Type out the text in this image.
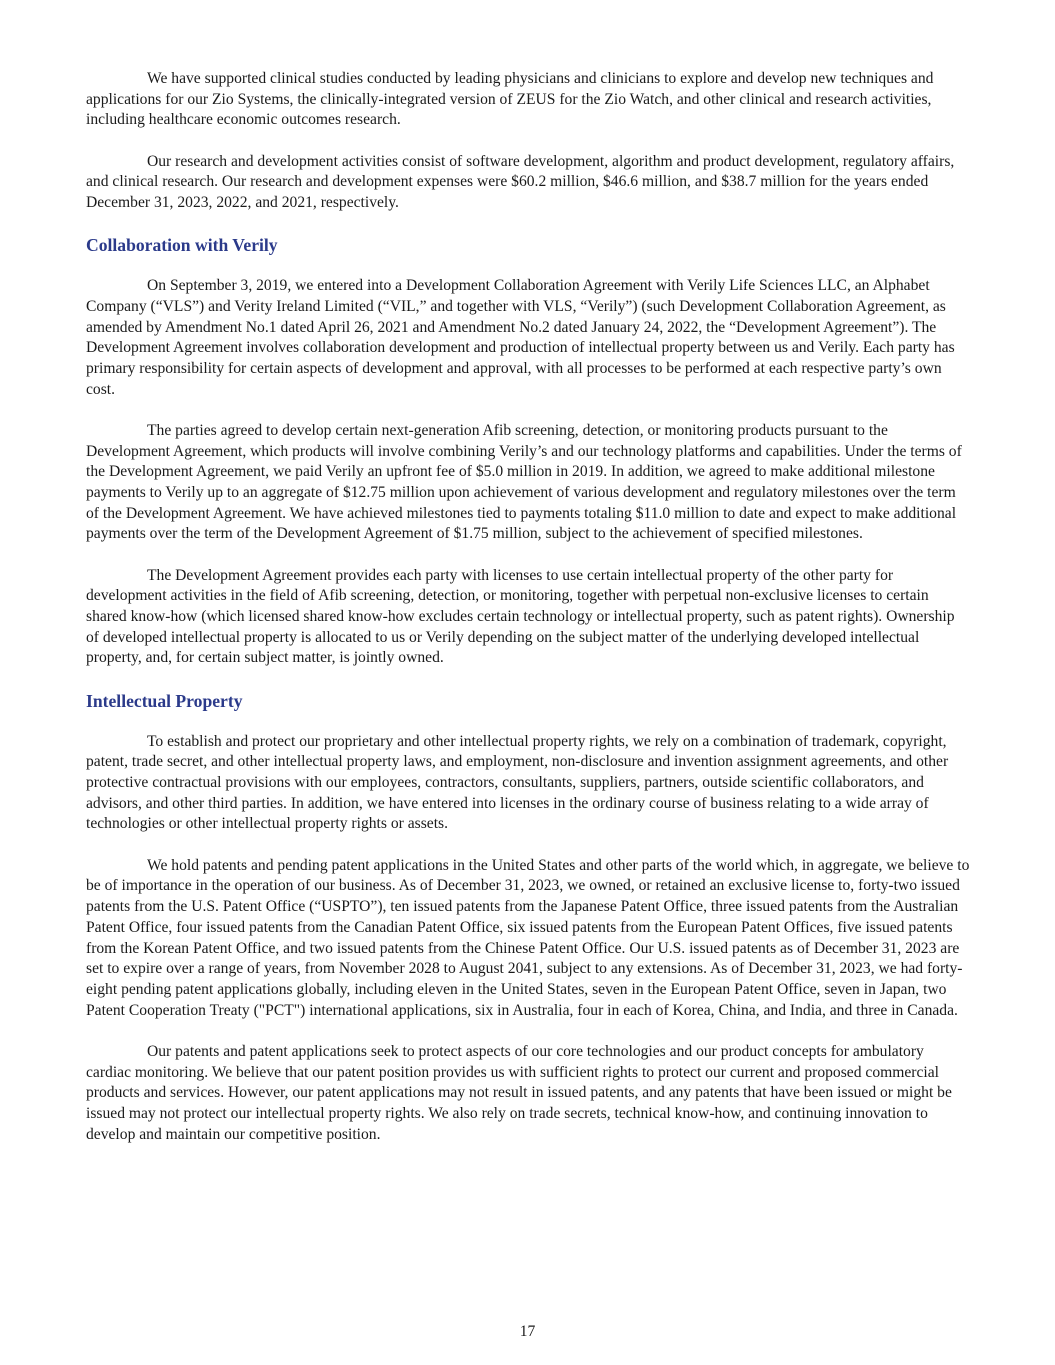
We have supported clinical studies conducted by leading physicians and clinicians to explore and develop new techniques and applications for our Zio Systems, the clinically-integrated version of ZEUS for the Zio Watch, and other clinical and research activities, including healthcare economic outcomes research.

Our research and development activities consist of software development, algorithm and product development, regulatory affairs, and clinical research. Our research and development expenses were $60.2 million, $46.6 million, and $38.7 million for the years ended December 31, 2023, 2022, and 2021, respectively.

Collaboration with Verily

On September 3, 2019, we entered into a Development Collaboration Agreement with Verily Life Sciences LLC, an Alphabet Company (“VLS”) and Verity Ireland Limited (“VIL,” and together with VLS, “Verily”) (such Development Collaboration Agreement, as amended by Amendment No.1 dated April 26, 2021 and Amendment No.2 dated January 24, 2022, the “Development Agreement”). The Development Agreement involves collaboration development and production of intellectual property between us and Verily. Each party has primary responsibility for certain aspects of development and approval, with all processes to be performed at each respective party’s own cost.

The parties agreed to develop certain next-generation Afib screening, detection, or monitoring products pursuant to the Development Agreement, which products will involve combining Verily’s and our technology platforms and capabilities. Under the terms of the Development Agreement, we paid Verily an upfront fee of $5.0 million in 2019. In addition, we agreed to make additional milestone payments to Verily up to an aggregate of $12.75 million upon achievement of various development and regulatory milestones over the term of the Development Agreement. We have achieved milestones tied to payments totaling $11.0 million to date and expect to make additional payments over the term of the Development Agreement of $1.75 million, subject to the achievement of specified milestones.

The Development Agreement provides each party with licenses to use certain intellectual property of the other party for development activities in the field of Afib screening, detection, or monitoring, together with perpetual non-exclusive licenses to certain shared know-how (which licensed shared know-how excludes certain technology or intellectual property, such as patent rights). Ownership of developed intellectual property is allocated to us or Verily depending on the subject matter of the underlying developed intellectual property, and, for certain subject matter, is jointly owned.

Intellectual Property

To establish and protect our proprietary and other intellectual property rights, we rely on a combination of trademark, copyright, patent, trade secret, and other intellectual property laws, and employment, non-disclosure and invention assignment agreements, and other protective contractual provisions with our employees, contractors, consultants, suppliers, partners, outside scientific collaborators, and advisors, and other third parties. In addition, we have entered into licenses in the ordinary course of business relating to a wide array of technologies or other intellectual property rights or assets.

We hold patents and pending patent applications in the United States and other parts of the world which, in aggregate, we believe to be of importance in the operation of our business. As of December 31, 2023, we owned, or retained an exclusive license to, forty-two issued patents from the U.S. Patent Office (“USPTO”), ten issued patents from the Japanese Patent Office, three issued patents from the Australian Patent Office, four issued patents from the Canadian Patent Office, six issued patents from the European Patent Offices, five issued patents from the Korean Patent Office, and two issued patents from the Chinese Patent Office. Our U.S. issued patents as of December 31, 2023 are set to expire over a range of years, from November 2028 to August 2041, subject to any extensions. As of December 31, 2023, we had forty-eight pending patent applications globally, including eleven in the United States, seven in the European Patent Office, seven in Japan, two Patent Cooperation Treaty ("PCT") international applications, six in Australia, four in each of Korea, China, and India, and three in Canada.

Our patents and patent applications seek to protect aspects of our core technologies and our product concepts for ambulatory cardiac monitoring. We believe that our patent position provides us with sufficient rights to protect our current and proposed commercial products and services. However, our patent applications may not result in issued patents, and any patents that have been issued or might be issued may not protect our intellectual property rights. We also rely on trade secrets, technical know-how, and continuing innovation to develop and maintain our competitive position.

17
